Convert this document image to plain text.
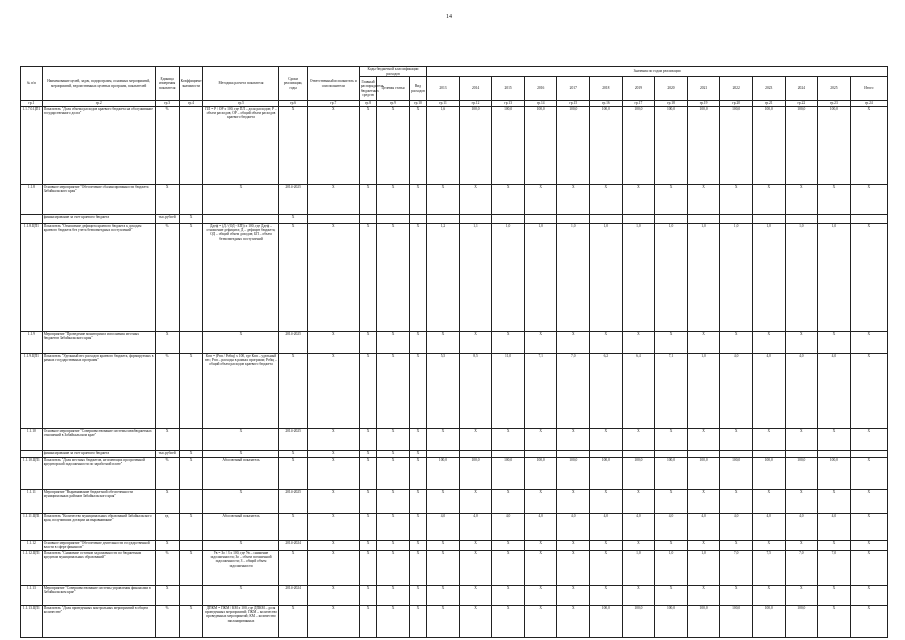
14
№ п/п	Наименование целей, задач, подпрограмм, основных мероприятий, мероприятий, ведомственных целевых программ, показателей	Единица измерения показателя	Коэффициент значимости	Методика расчета показателя	Сроки реализации, годы	Ответственный исполнитель и соисполнители	Коды бюджетной классификации расходов			Значения по годам реализации													
							Главный распорядитель бюджетных средств	Целевая статья	Вид расходов	2013	2014	2015	2016	2017	2018	2019	2020	2021	2022	2023	2024	2025	Итого
гр.1	гр.2	гр.3	гр.4	гр.5	гр.6	гр.7	гр.8	гр.9	гр.10	гр.11	гр.12	гр.13	гр.14	гр.15	гр.16	гр.17	гр.18	гр.19	гр.20	гр.21	гр.22	гр.23	гр.24
1.1.7.0.ЦП1	Показатель "Доля объема расходов краевого бюджета на обслуживание государственного долга"	%		ПЛ = Р / ОР x 100, где ПЛ – доля расходов; Р – объем расходов; ОР – общий объем расходов краевого бюджета	X	X	X	X	X	1,6	100,0	100,0	100,0	100,0	100,0	100,0	100,0	100,0	100,0	100,0	100,0	100,0	X
1.1.8	Основное мероприятие "Обеспечение сбалансированности бюджета Забайкальского края"	X		X	2014-2025	X	X	X	X	X	X	X	X	X	X	X	X	X	X	X	X	X	X
	финансирование за счет краевого бюджета	тыс.рублей	X		X																		
1.1.8.ЦП1	Показатель "Отношение дефицита краевого бюджета к доходам краевого бюджета без учета безвозмездных поступлений"	%	X	Ддеф = (Д / (ОД - БП)) x 100, где Ддеф – отношение дефицита; Д – дефицит бюджета; ОД – общий объем доходов; БП – объем безвозмездных поступлений	X	X	X	X	X	1,2	1,1	1,0	1,0	1,0	1,0	1,0	1,0	1,0	1,0	1,0	1,0	1,0	X
1.1.9	Мероприятие "Проведение мониторинга исполнения местных бюджетов Забайкальского края"	X		X	2014-2025	X	X	X	X	X	X	X	X	X	X	X	X	X	X	X	X	X	X
1.1.9.ЦП1	Показатель "Удельный вес расходов краевого бюджета, формируемых в рамках государственных программ"	%	X	Кпп = (Рпп / Робщ) x 100, где Кпп – удельный вес; Рпп – расходы в рамках программ; Робщ – общий объем расходов краевого бюджета	X	X	X	X	X	5,5	8,5	11,0	7,1	7,0	6,2	6,4	7,1	1,0	4,0	4,0	4,0	4,0	X
1.1.10	Основное мероприятие "Совершенствование системы межбюджетных отношений в Забайкальском крае"	X		X	2014-2025	X	X	X	X	X	X	X	X	X	X	X	X	X	X	X	X	X	X
	финансирование за счет краевого бюджета	тыс.рублей	X	X	X	X	X	X	X														
1.1.10.ЦП1	Показатель "Доля местных бюджетов, не имеющих просроченной кредиторской задолженности по заработной плате"	%	X	Абсолютный показатель	X	X	X	X	X	100,0	100,0	100,0	100,0	100,0	100,0	100,0	100,0	100,0	100,0	100,0	100,0	100,0	X
1.1.11	Мероприятие "Выравнивание бюджетной обеспеченности муниципальных районов Забайкальского края"	X		X	2014-2025	X	X	X	X	X	X	X	X	X	X	X	X	X	X	X	X	X	X
1.1.11.ЦП1	Показатель "Количество муниципальных образований Забайкальского края, получивших дотации на выравнивание"	ед.	X	Абсолютный показатель	X	X	X	X	X	4,0	4,0	4,0	4,0	4,0	4,0	4,0	4,0	4,0	4,0	4,0	4,0	4,0	X
1.1.12	Основное мероприятие "Обеспечение деятельности государственной власти в сфере финансов"	X		X	2014-2024	X	X	X	X	X	X	X	X	X	X	X	X	X	X	X	X	X	X
1.1.12.ЦП1	Показатель "Снижение остатков задолженности по бюджетным кредитам муниципальных образований"	%	X	Ув = Зо / З x 100, где Ув – снижение задолженности; Зо – объем погашенной задолженности; З – общий объем задолженности	X	X	X	X	X	X	X	X	X	X	X	1,0	1,0	1,0	7,0	7,5	7,0	7,0	X
1.1.13	Мероприятие "Совершенствование системы управления финансами в Забайкальском крае"	X		X	2014-2024	X	X	X	X	X	X	X	X	X	X	X	X	X	X	X	X	X	X
1.1.13.ЦП1	Показатель "Доля проведенных контрольных мероприятий в общем количестве"	%	X	ДПКМ = ПКМ / КМ x 100, где ДПКМ – доля проведенных мероприятий; ПКМ – количество проведенных мероприятий; КМ – количество запланированных	X	X	X	X	X	X	X	X	X	X	100,0	100,0	100,0	100,0	100,0	100,0	100,0	X	X
